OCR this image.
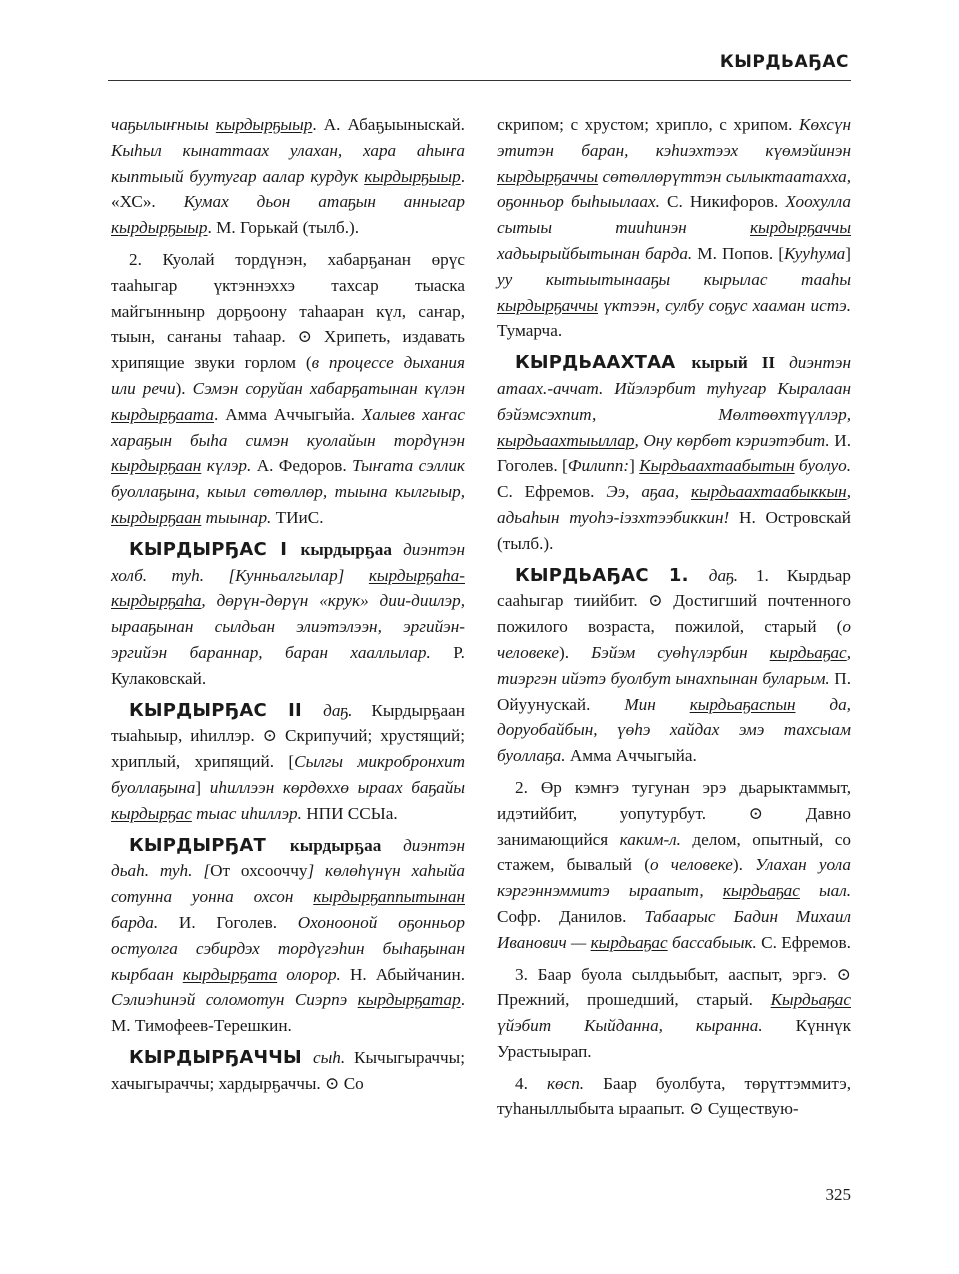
КЫРДЬАҔАС

чаҕылыҥныы кырдырҕыыр. А. Абаҕыыныскай. Кыһыл кынаттаах улахан, хара аһыҥа кыптыый буутугар аалар курдук кырдырҕыыр. «ХС». Кумах дьон атаҕын анныгар кырдырҕыыр. М. Горькай (тылб.).

2. Куолай тордүнэн, хабарҕанан өрүс тааһыгар үктэннэххэ тахсар тыаска майгыннынр дорҕоону таһааран күл, саҥар, тыын, саҥаны таһаар. ⊙ Хрипеть, издавать хрипящие звуки горлом (в процессе дыхания или речи). Сэмэн соруйан хабарҕатынан күлэн кырдырҕаата. Амма Аччыгыйа. Халыев хаҥас хараҕын быһа симэн куолайын тордүнэн кырдырҕаан күлэр. А. Федоров. Тыҥата сэллик буоллаҕына, кыыл сөтөллөр, тыына кылгыыр, кырдырҕаан тыынар. ТИиС.

КЫРДЫРҔАС I кырдырҕаа диэнтэн холб. туһ. [Кунньалгылар] кырдырҕаһа-кырдырҕаһа, дөрүн-дөрүн «круκ» дии-диилэр, ырааҕынан сылдьан элиэтэлээн, эргийэн-эргийэн бараннар, баран хааллылар. Р. Кулаковскай.

КЫРДЫРҔАС II даҕ. Кырдырҕаан тыаһыыр, иһиллэр. ⊙ Скрипучий; хрустящий; хриплый, хрипящий. [Сылгы микробронхит буоллаҕына] иһиллээн көрдөххө ыраах баҕайы кырдырҕас тыас иһиллэр. НПИ ССЫа.

КЫРДЫРҔАТ кырдырҕаа диэнтэн дьаһ. туһ. [От охсооччу] көлөһүнүн хаһыйа сотунна уонна охсон кырдырҕаппытынан барда. И. Гоголев. Охонооной оҕонньор остуолга сэбирдэх тордүгэһин быһаҕынан кырбаан кырдырҕата олорор. Н. Абыйчанин. Сэлиэһинэй соломотун Сиэрпэ кырдырҕатар. М. Тимофеев-Терешкин.

КЫРДЫРҔАЧЧЫ сыһ. Кычыгыраччы; хачыгыраччы; хардырҕаччы. ⊙ Со

скрипом; с хрустом; хрипло, с хрипом. Көхсүн этитэн баран, кэһиэхтээх күөмэйинэн кырдырҕаччы сөтөллөрүттэн сылыктаатахха, оҕонньор быһыылаах. С. Никифоров. Хоохулла сытыы тииһинэн кырдырҕаччы хадьырыйбытынан барда. М. Попов. [Кууһума] уу кытыытынааҕы кырылас тааһы кырдырҕаччы үктээн, сулбу соҕус хааман истэ. Тумарча.

КЫРДЬААХТАА кырый II диэнтэн атаах.-аччат. Ийэлэрбит туһугар Кыралаан бэйэмсэхпит, Мөлтөөхтүүллэр, кырдьаахтыыллар, Ону көрбөт кэриэтэбит. И. Гоголев. [Филипп:] Кырдьаахтаабытын буолуо. С. Ефремов. Ээ, аҕаа, кырдьаахтаабыккын, адьаһын туоһэ-іэзхтээбиккин! Н. Островскай (тылб.).

КЫРДЬАҔАС 1. даҕ. 1. Кырдьар сааһыгар тиийбит. ⊙ Достигший почтенного пожилого возраста, пожилой, старый (о человеке). Бэйэм суөһүлэрбин кырдьаҕас, тиэргэн ийэтэ буолбут ынахпынан буларым. П. Ойуунускай. Мин кырдьаҕаспын да, доруобайбын, үөһэ хайдах эмэ тахсыам буоллаҕа. Амма Аччыгыйа.

2. Өр кэмҥэ тугунан эрэ дьарыктаммыт, идэтийбит, уопутурбут. ⊙ Давно занимающийся каким-л. делом, опытный, со стажем, бывалый (о человеке). Улахан уола кэргэннэммитэ ыраапыт, кырдьаҕас ыал. Софр. Данилов. Табаарыс Бадин Михаил Иванович — кырдьаҕас бассабыык. С. Ефремов.

3. Баар буола сылдьыбыт, ааспыт, эргэ. ⊙ Прежний, прошедший, старый. Кырдьаҕас үйэбит Кыйданна, кыранна. Күннүк Урастыырап.

4. көсп. Баар буолбута, төрүттэммитэ, туһаныллыбыта ыраапыт. ⊙ Существую-

325
